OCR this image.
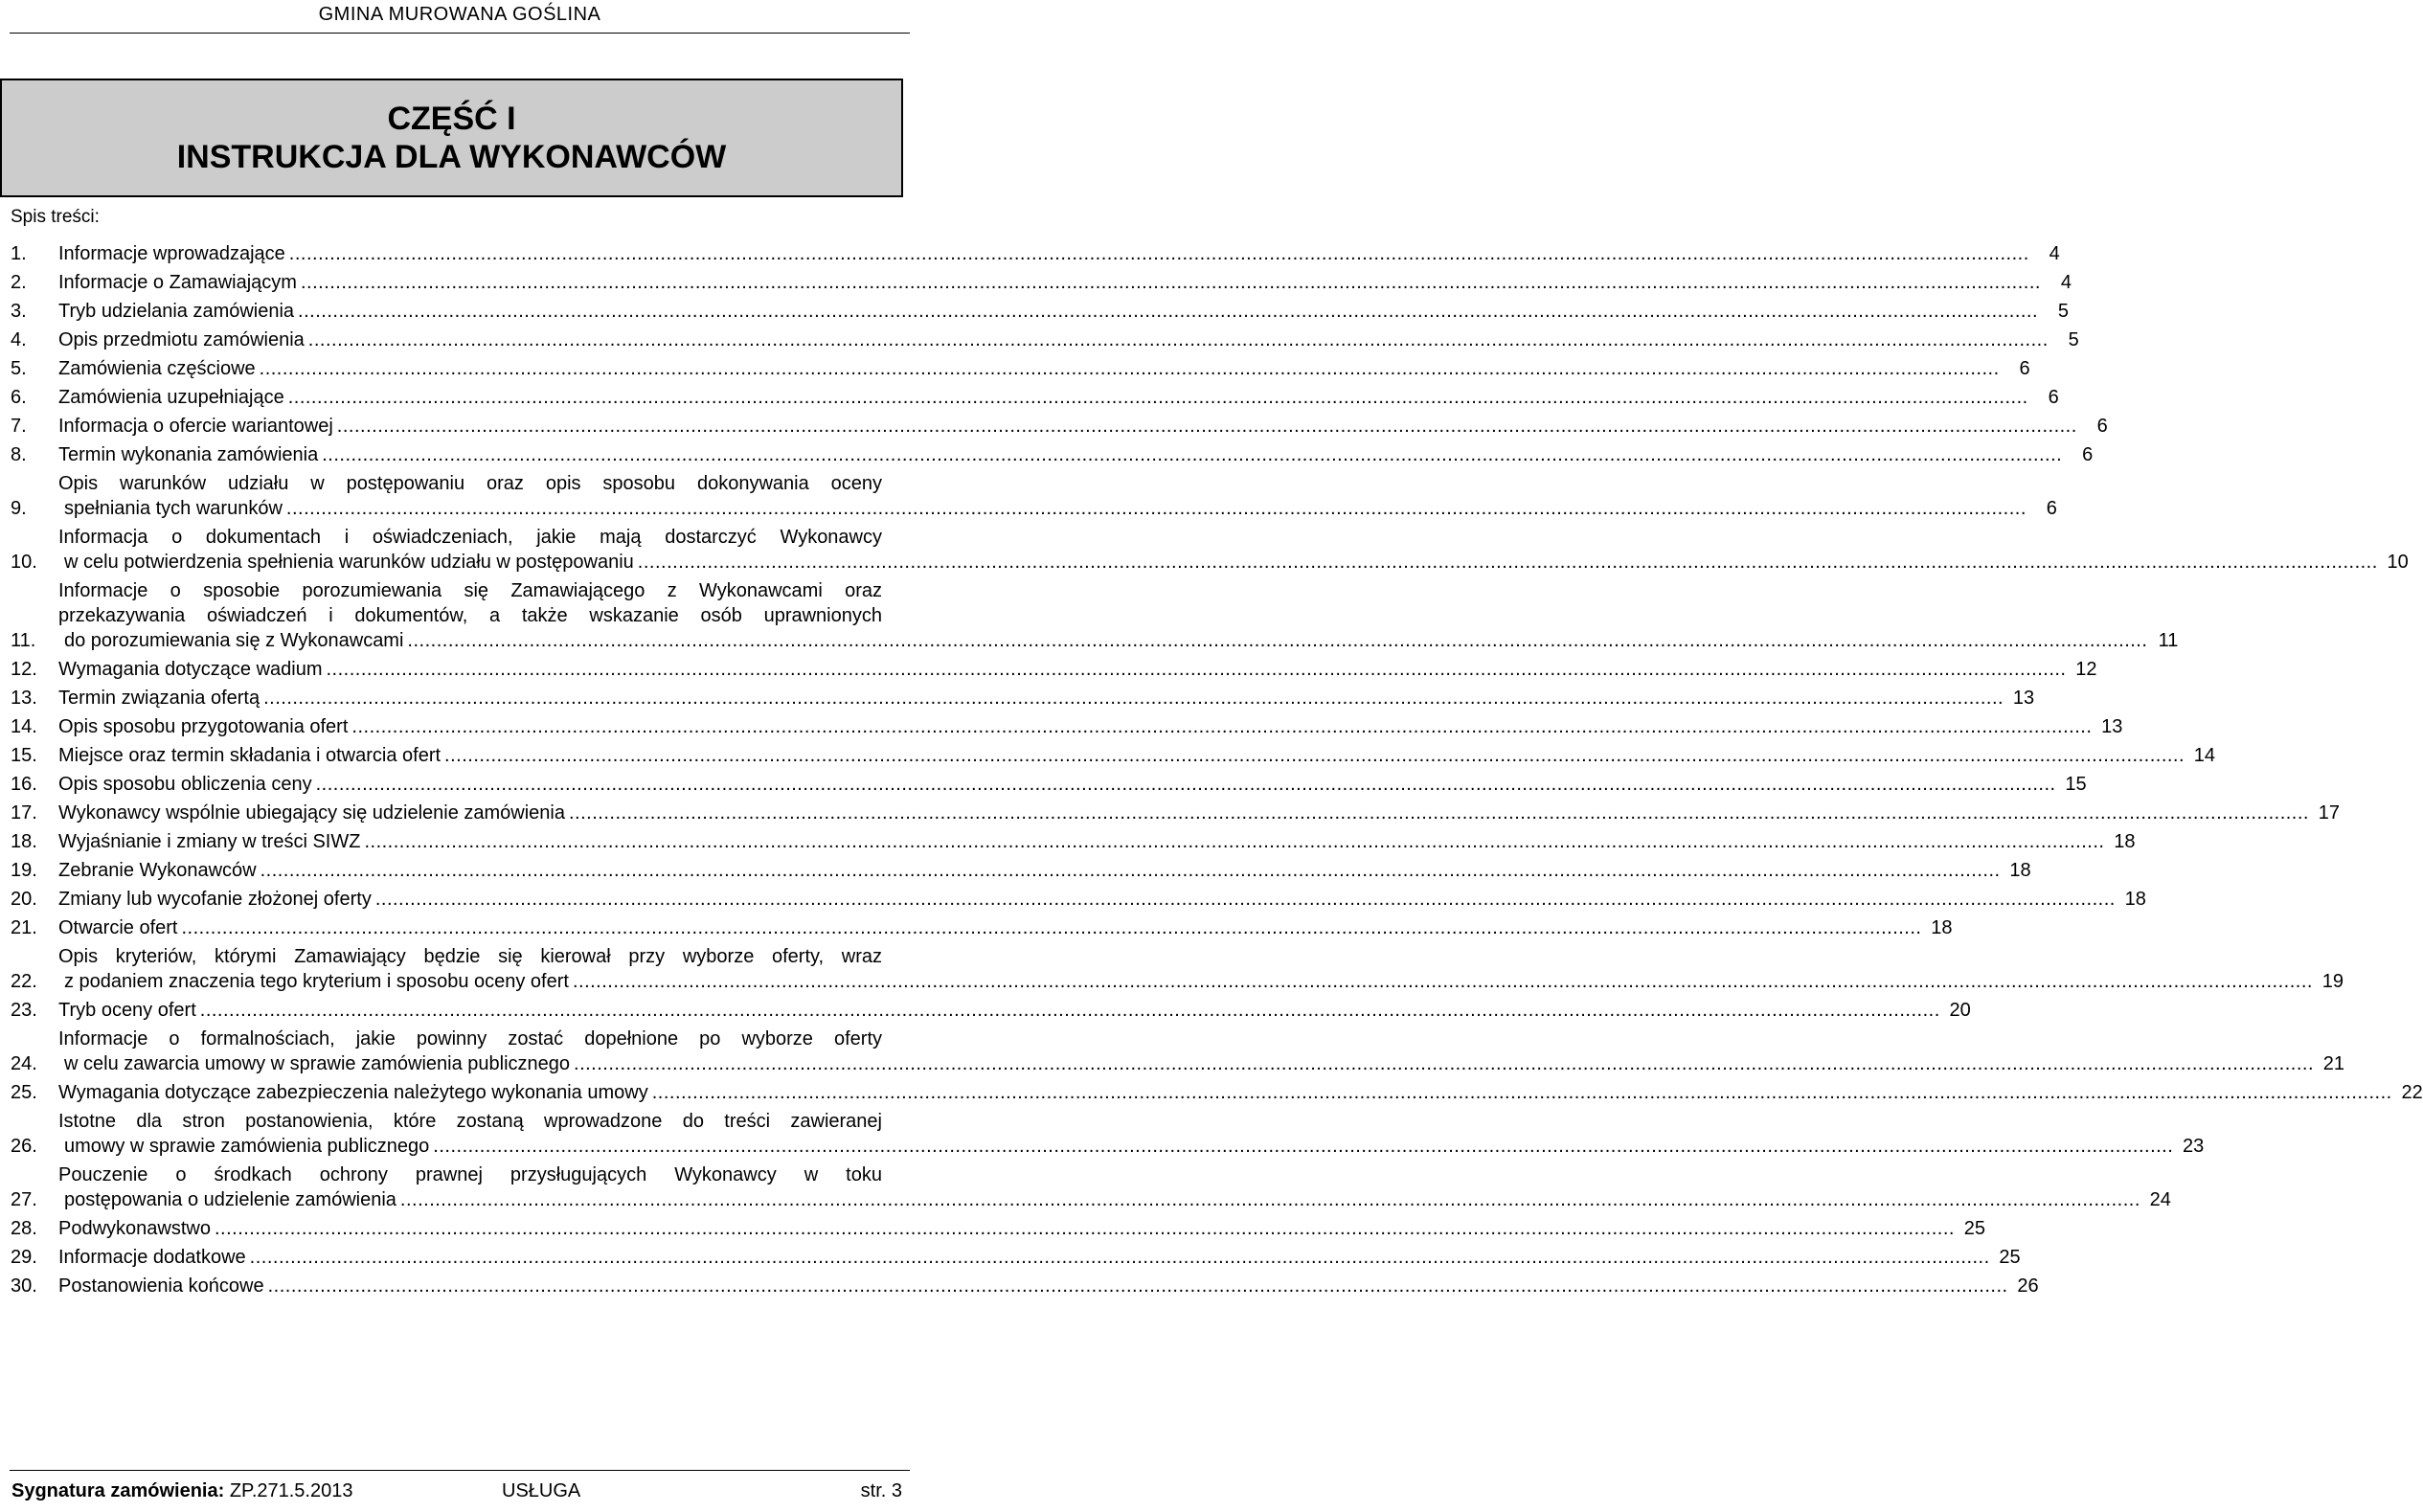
GMINA MUROWANA GOŚLINA
CZĘŚĆ I
INSTRUKCJA DLA WYKONAWCÓW
Spis treści:
1.	Informacje wprowadzające ............................................................................................................................................................................................................................................................................................................	4
2.	Informacje o Zamawiającym ............................................................................................................................................................................................................................................................................................................	4
3.	Tryb udzielania zamówienia ............................................................................................................................................................................................................................................................................................................	5
4.	Opis przedmiotu zamówienia ............................................................................................................................................................................................................................................................................................................	5
5.	Zamówienia częściowe ............................................................................................................................................................................................................................................................................................................	6
6.	Zamówienia uzupełniające ............................................................................................................................................................................................................................................................................................................	6
7.	Informacja o ofercie wariantowej ............................................................................................................................................................................................................................................................................................................	6
8.	Termin wykonania zamówienia ............................................................................................................................................................................................................................................................................................................	6
9.
Opis warunków udziału w postępowaniu oraz opis sposobu dokonywania oceny
spełniania tych warunków ............................................................................................................................................................................................................................................................................................................	6
10.
Informacja o dokumentach i oświadczeniach, jakie mają dostarczyć Wykonawcy
w celu potwierdzenia spełnienia warunków udziału w postępowaniu ............................................................................................................................................................................................................................................................................................................ 10
11.
Informacje o sposobie porozumiewania się Zamawiającego z Wykonawcami oraz
przekazywania oświadczeń i dokumentów, a także wskazanie osób uprawnionych
do porozumiewania się z Wykonawcami ............................................................................................................................................................................................................................................................................................................ 11
12.	Wymagania dotyczące wadium ............................................................................................................................................................................................................................................................................................................ 12
13.	Termin związania ofertą ............................................................................................................................................................................................................................................................................................................ 13
14.	Opis sposobu przygotowania ofert ............................................................................................................................................................................................................................................................................................................ 13
15.	Miejsce oraz termin składania i otwarcia ofert ............................................................................................................................................................................................................................................................................................................ 14
16.	Opis sposobu obliczenia ceny ............................................................................................................................................................................................................................................................................................................ 15
17.	Wykonawcy wspólnie ubiegający się udzielenie zamówienia ............................................................................................................................................................................................................................................................................................................ 17
18.	Wyjaśnianie i zmiany w treści SIWZ ............................................................................................................................................................................................................................................................................................................ 18
19.	Zebranie Wykonawców ............................................................................................................................................................................................................................................................................................................ 18
20.	Zmiany lub wycofanie złożonej oferty ............................................................................................................................................................................................................................................................................................................ 18
21.	Otwarcie ofert ............................................................................................................................................................................................................................................................................................................ 18
22.
Opis kryteriów, którymi Zamawiający będzie się kierował przy wyborze oferty, wraz
z podaniem znaczenia tego kryterium i sposobu oceny ofert ............................................................................................................................................................................................................................................................................................................ 19
23.	Tryb oceny ofert ............................................................................................................................................................................................................................................................................................................ 20
24.
Informacje o formalnościach, jakie powinny zostać dopełnione po wyborze oferty
w celu zawarcia umowy w sprawie zamówienia publicznego ............................................................................................................................................................................................................................................................................................................ 21
25.	Wymagania dotyczące zabezpieczenia należytego wykonania umowy ............................................................................................................................................................................................................................................................................................................ 22
26.
Istotne dla stron postanowienia, które zostaną wprowadzone do treści zawieranej
umowy w sprawie zamówienia publicznego ............................................................................................................................................................................................................................................................................................................ 23
27.
Pouczenie o środkach ochrony prawnej przysługujących Wykonawcy w toku
postępowania o udzielenie zamówienia ............................................................................................................................................................................................................................................................................................................ 24
28.	Podwykonawstwo ............................................................................................................................................................................................................................................................................................................ 25
29.	Informacje dodatkowe ............................................................................................................................................................................................................................................................................................................ 25
30.	Postanowienia końcowe ............................................................................................................................................................................................................................................................................................................ 26
Sygnatura zamówienia: ZP.271.5.2013	USŁUGA	str. 3
